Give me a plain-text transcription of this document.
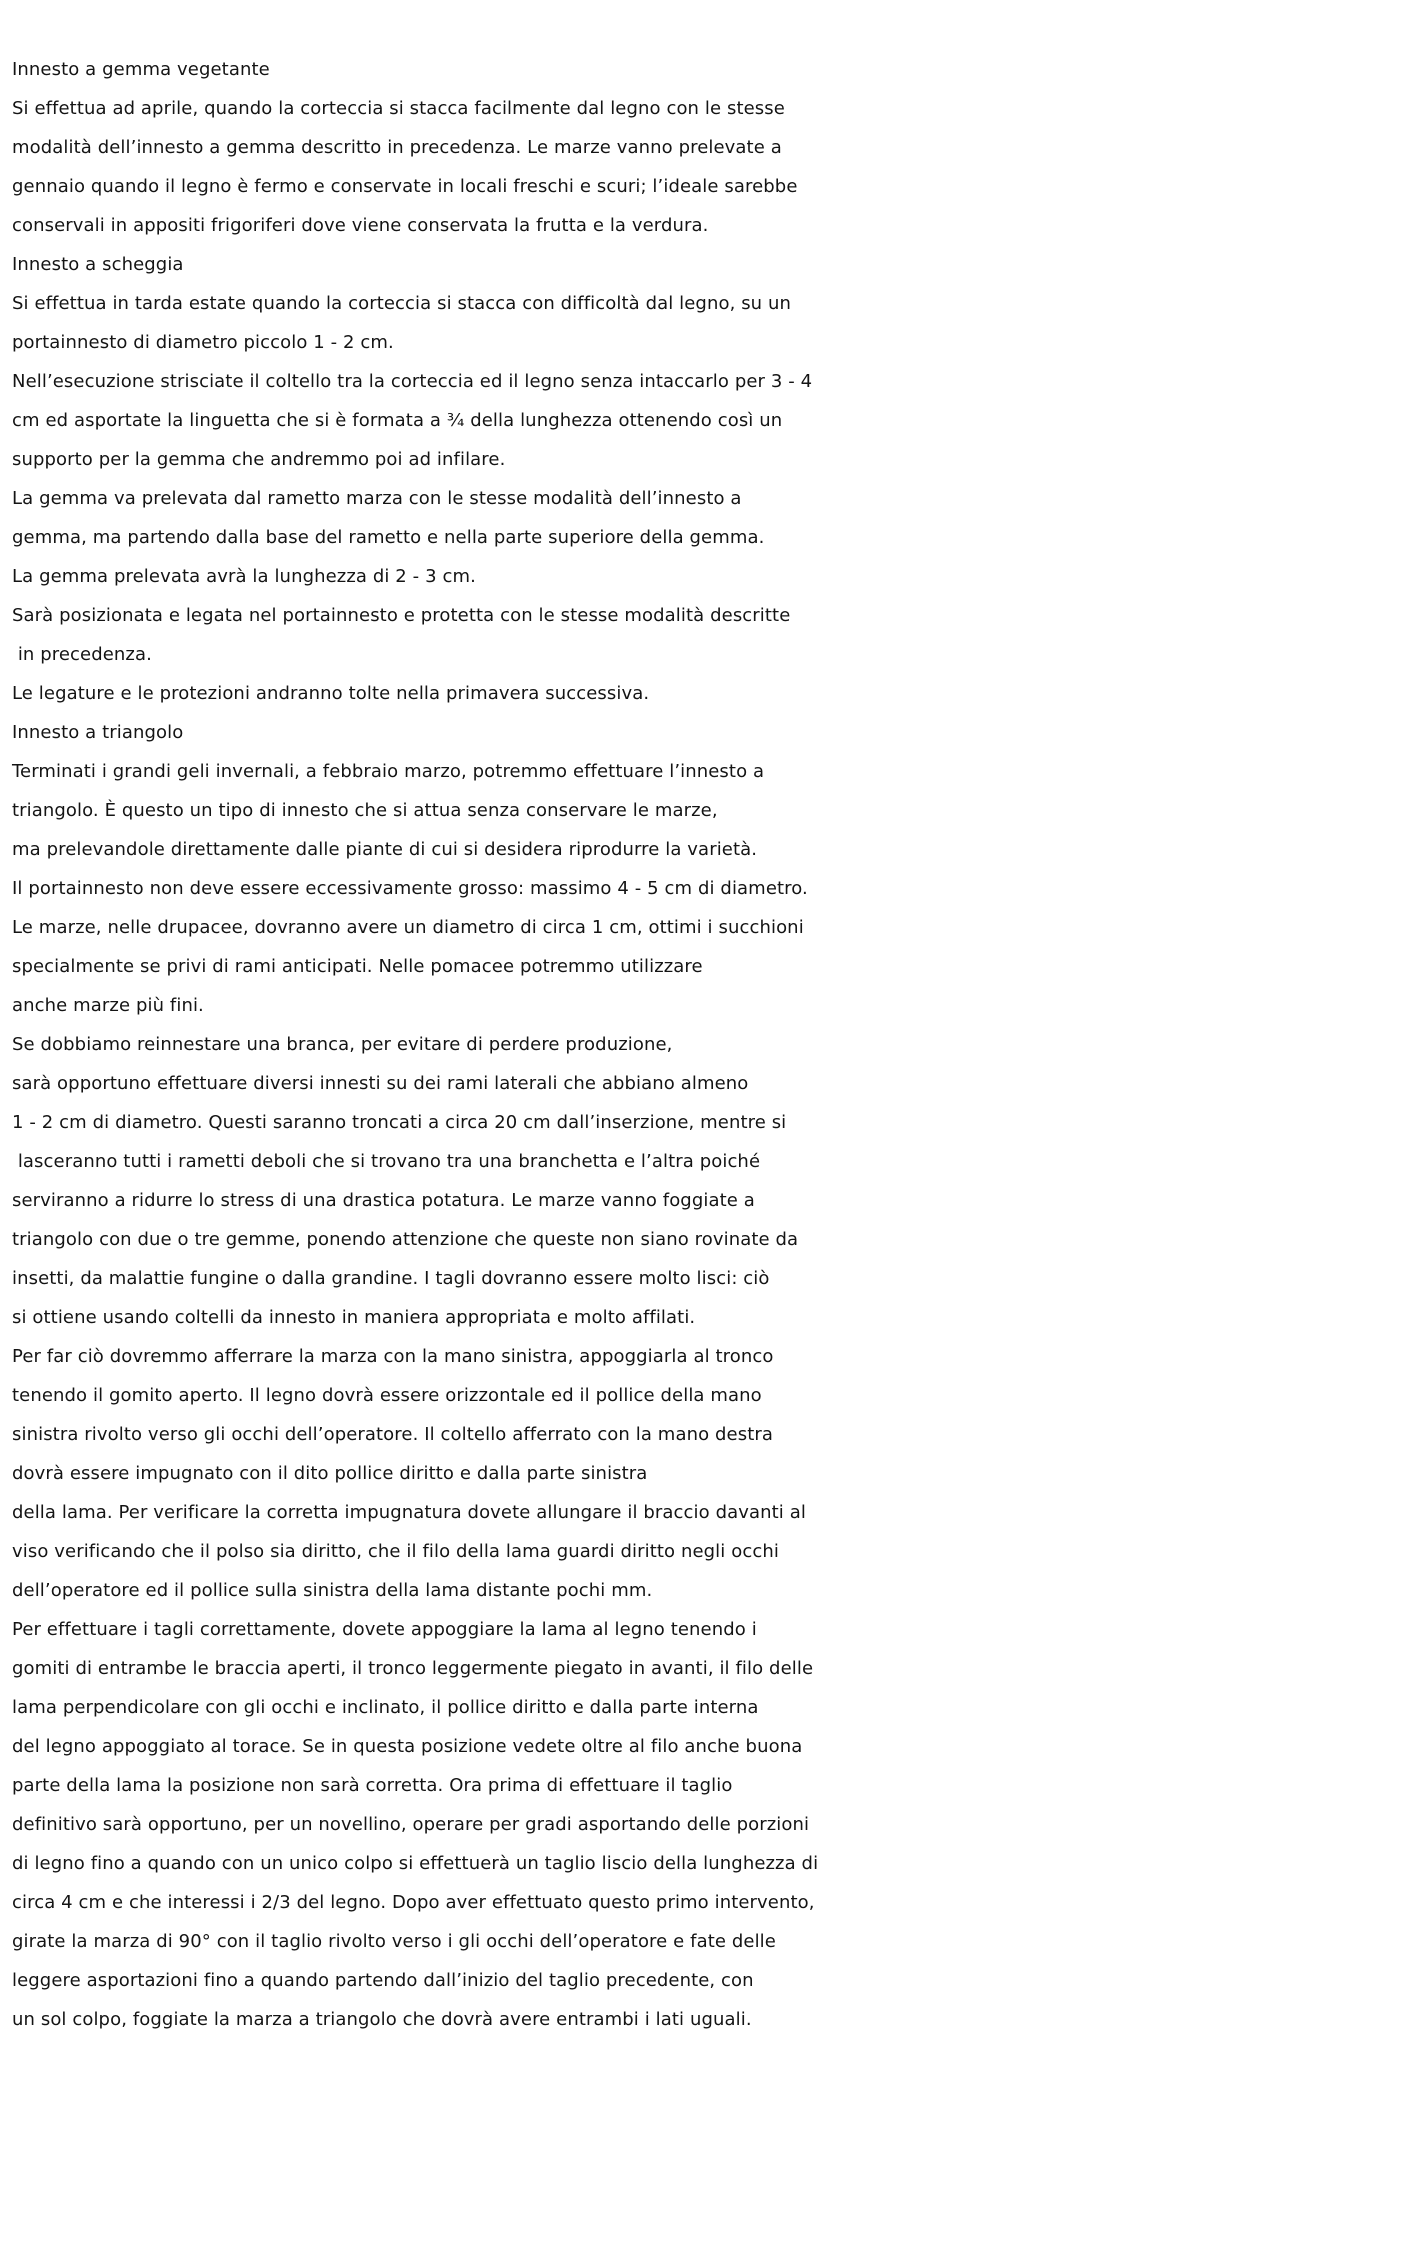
Innesto a gemma vegetante
Si effettua ad aprile, quando la corteccia si stacca facilmente dal legno con le stesse
modalità dell’innesto a gemma descritto in precedenza. Le marze vanno prelevate a
gennaio quando il legno è fermo e conservate in locali freschi e scuri; l’ideale sarebbe
conservali in appositi frigoriferi dove viene conservata la frutta e la verdura.
Innesto a scheggia
Si effettua in tarda estate quando la corteccia si stacca con difficoltà dal legno, su un
portainnesto di diametro piccolo 1 - 2 cm.
Nell’esecuzione strisciate il coltello tra la corteccia ed il legno senza intaccarlo per 3 - 4
cm ed asportate la linguetta che si è formata a ¾ della lunghezza ottenendo così un
supporto per la gemma che andremmo poi ad infilare.
La gemma va prelevata dal rametto marza con le stesse modalità dell’innesto a
gemma, ma partendo dalla base del rametto e nella parte superiore della gemma.
La gemma prelevata avrà la lunghezza di 2 - 3 cm.
Sarà posizionata e legata nel portainnesto e protetta con le stesse modalità descritte
in precedenza.
Le legature e le protezioni andranno tolte nella primavera successiva.
Innesto a triangolo
Terminati i grandi geli invernali, a febbraio marzo, potremmo effettuare l’innesto a
triangolo. È questo un tipo di innesto che si attua senza conservare le marze,
ma prelevandole direttamente dalle piante di cui si desidera riprodurre la varietà.
Il portainnesto non deve essere eccessivamente grosso: massimo 4 - 5 cm di diametro.
Le marze, nelle drupacee, dovranno avere un diametro di circa 1 cm, ottimi i succhioni
specialmente se privi di rami anticipati. Nelle pomacee potremmo utilizzare
anche marze più fini.
Se dobbiamo reinnestare una branca, per evitare di perdere produzione,
sarà opportuno effettuare diversi innesti su dei rami laterali che abbiano almeno
1 - 2 cm di diametro. Questi saranno troncati a circa 20 cm dall’inserzione, mentre si
lasceranno tutti i rametti deboli che si trovano tra una branchetta e l’altra poiché
serviranno a ridurre lo stress di una drastica potatura. Le marze vanno foggiate a
triangolo con due o tre gemme, ponendo attenzione che queste non siano rovinate da
insetti, da malattie fungine o dalla grandine. I tagli dovranno essere molto lisci: ciò
si ottiene usando coltelli da innesto in maniera appropriata e molto affilati.
Per far ciò dovremmo afferrare la marza con la mano sinistra, appoggiarla al tronco
tenendo il gomito aperto. Il legno dovrà essere orizzontale ed il pollice della mano
sinistra rivolto verso gli occhi dell’operatore. Il coltello afferrato con la mano destra
dovrà essere impugnato con il dito pollice diritto e dalla parte sinistra
della lama. Per verificare la corretta impugnatura dovete allungare il braccio davanti al
viso verificando che il polso sia diritto, che il filo della lama guardi diritto negli occhi
dell’operatore ed il pollice sulla sinistra della lama distante pochi mm.
Per effettuare i tagli correttamente, dovete appoggiare la lama al legno tenendo i
gomiti di entrambe le braccia aperti, il tronco leggermente piegato in avanti, il filo delle
lama perpendicolare con gli occhi e inclinato, il pollice diritto e dalla parte interna
del legno appoggiato al torace. Se in questa posizione vedete oltre al filo anche buona
parte della lama la posizione non sarà corretta. Ora prima di effettuare il taglio
definitivo sarà opportuno, per un novellino, operare per gradi asportando delle porzioni
di legno fino a quando con un unico colpo si effettuerà un taglio liscio della lunghezza di
circa 4 cm e che interessi i 2/3 del legno. Dopo aver effettuato questo primo intervento,
girate la marza di 90° con il taglio rivolto verso i gli occhi dell’operatore e fate delle
leggere asportazioni fino a quando partendo dall’inizio del taglio precedente, con
un sol colpo, foggiate la marza a triangolo che dovrà avere entrambi i lati uguali.
